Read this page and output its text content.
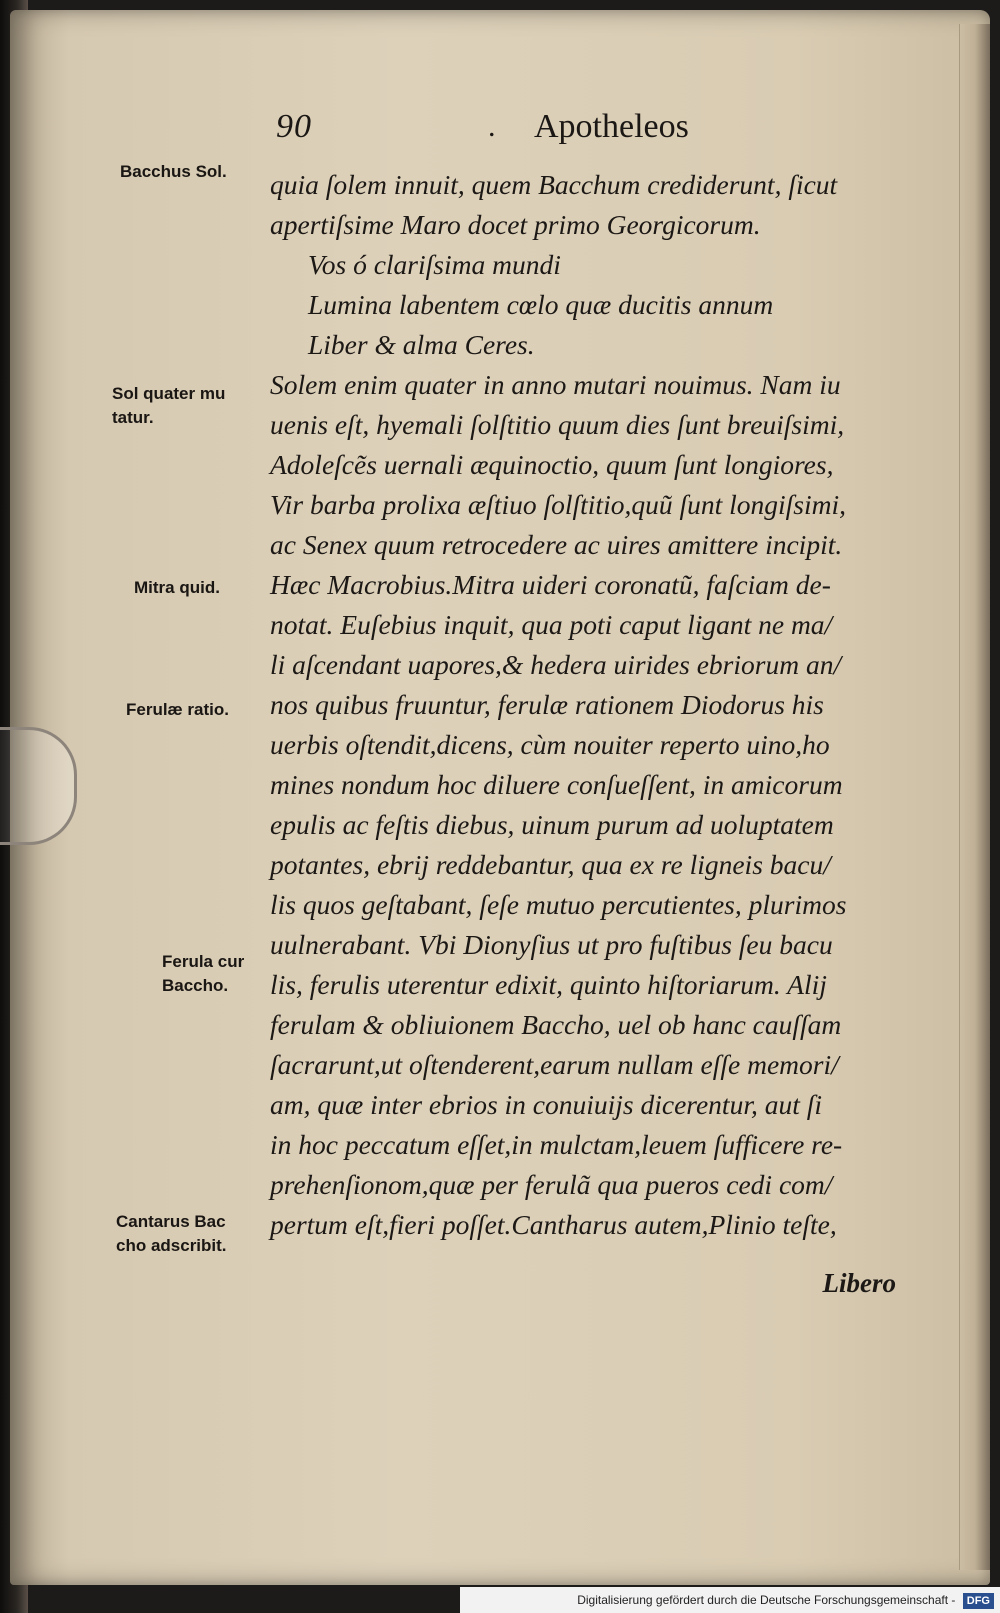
90	. Apotheleos
Bacchus Sol.
Sol quater mu
tatur.
Mitra quid.
Ferulæ ratio.
Ferula cur
Baccho.
Cantarus Bac
cho adscribit.
quia ſolem innuit, quem Bacchum crediderunt, ſicut
apertiſsime Maro docet primo Georgicorum.
Vos ó clariſsima mundi
Lumina labentem cœlo quæ ducitis annum
Liber & alma Ceres.
Solem enim quater in anno mutari nouimus. Nam iu
uenis eſt, hyemali ſolſtitio quum dies ſunt breuiſsimi,
Adoleſcẽs uernali æquinoctio, quum ſunt longiores,
Vir barba prolixa æſtiuo ſolſtitio,quũ ſunt longiſsimi,
ac Senex quum retrocedere ac uires amittere incipit.
Hæc Macrobius.Mitra uideri coronatũ, faſciam de-
notat. Euſebius inquit, qua poti caput ligant ne ma/
li aſcendant uapores,& hedera uirides ebriorum an/
nos quibus fruuntur, ferulæ rationem Diodorus his
uerbis oſtendit,dicens, cùm nouiter reperto uino,ho
mines nondum hoc diluere conſueſſent, in amicorum
epulis ac feſtis diebus, uinum purum ad uoluptatem
potantes, ebrij reddebantur, qua ex re ligneis bacu/
lis quos geſtabant, ſeſe mutuo percutientes, plurimos
uulnerabant. Vbi Dionyſius ut pro fuſtibus ſeu bacu
lis, ferulis uterentur edixit, quinto hiſtoriarum. Alij
ferulam & obliuionem Baccho, uel ob hanc cauſſam
ſacrarunt,ut oſtenderent,earum nullam eſſe memori/
am, quæ inter ebrios in conuiuijs dicerentur, aut ſi
in hoc peccatum eſſet,in mulctam,leuem ſufficere re-
prehenſionom,quæ per ferulã qua pueros cedi com/
pertum eſt,fieri poſſet.Cantharus autem,Plinio teſte,
Libero
Digitalisierung gefördert durch die Deutsche Forschungsgemeinschaft - DFG
